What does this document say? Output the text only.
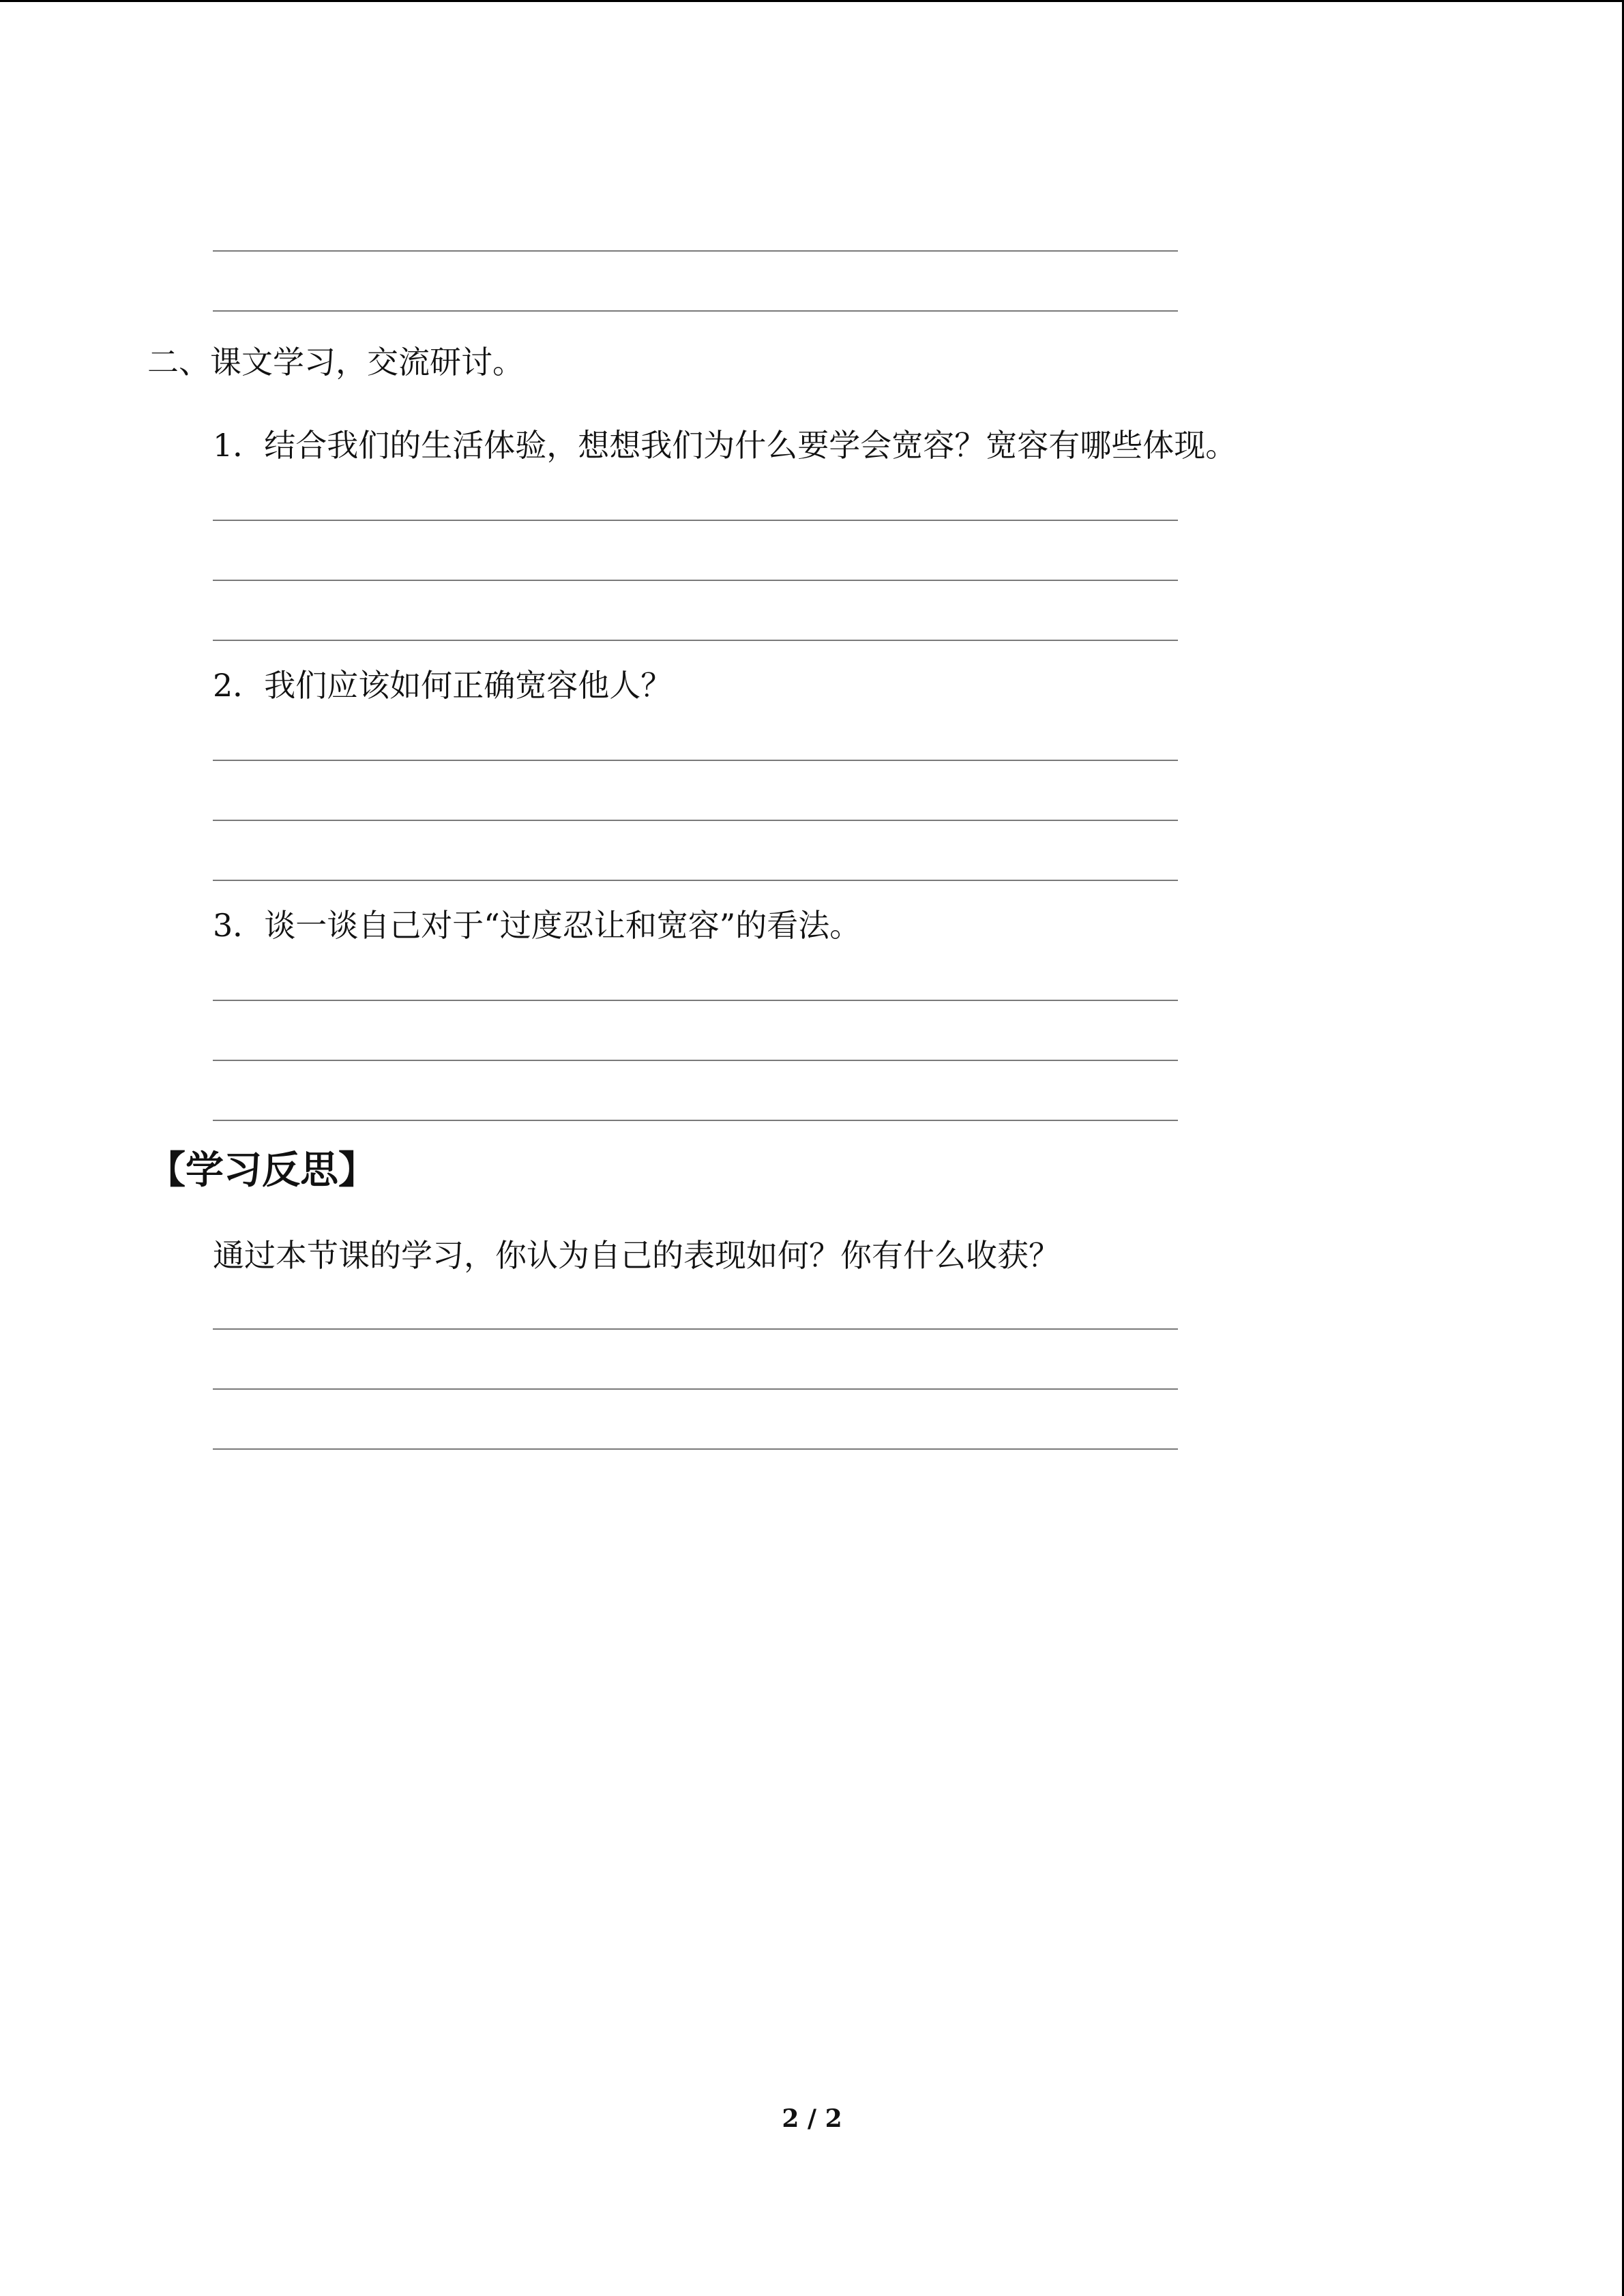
二、课文学习，交流研讨。
1．结合我们的生活体验，想想我们为什么要学会宽容？宽容有哪些体现。
2．我们应该如何正确宽容他人？
3．谈一谈自己对于“过度忍让和宽容”的看法。
【学习反思】
通过本节课的学习，你认为自己的表现如何？你有什么收获？
2 / 2
